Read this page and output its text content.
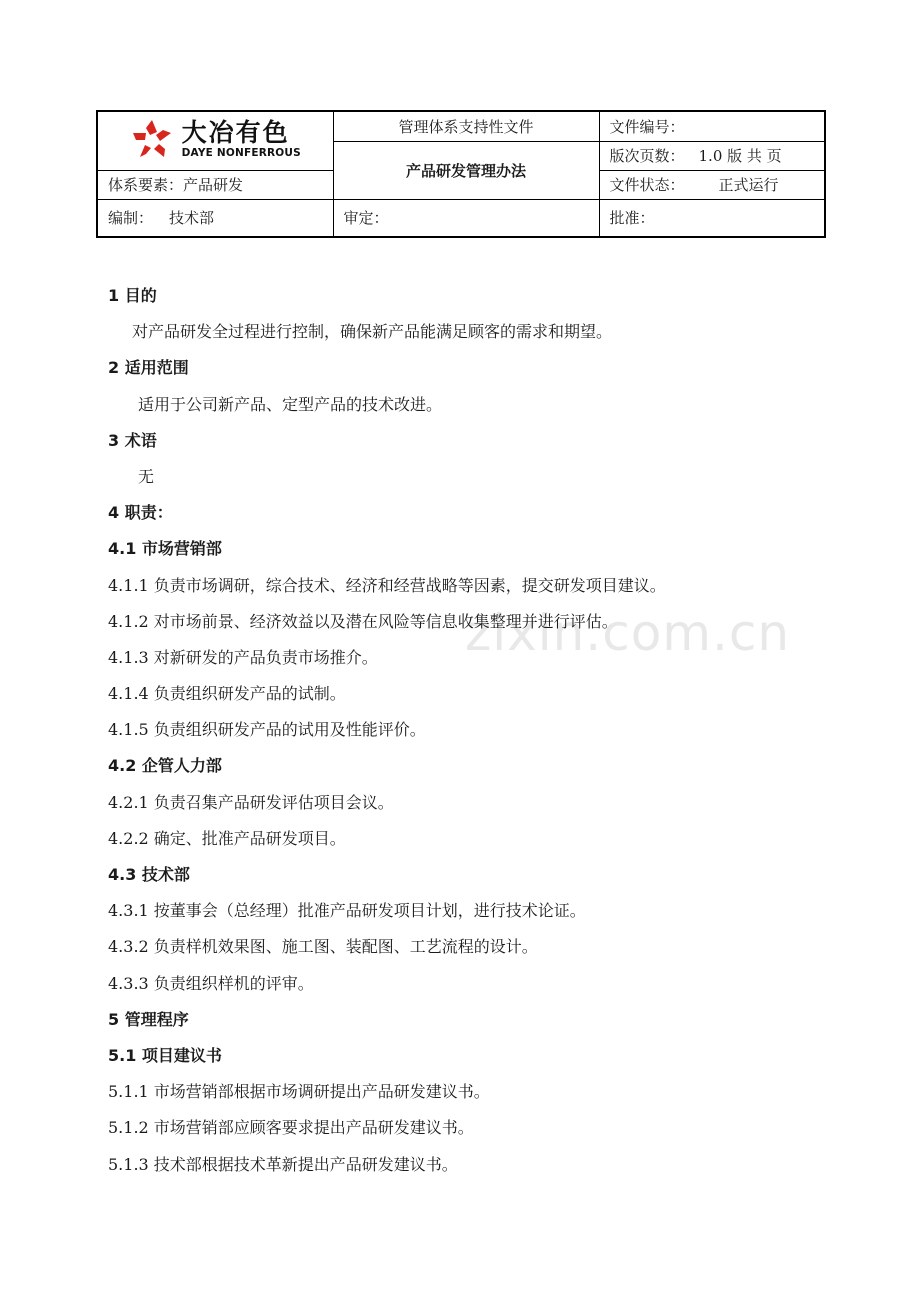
大冶有色
DAYE NONFERROUS	管理体系支持性文件	文件编号：
	产品研发管理办法	版次页数： 1.0 版 共 页
体系要素：产品研发		文件状态： 正式运行
编制： 技术部	审定：	批准：
zixin.com.cn
1 目的
对产品研发全过程进行控制，确保新产品能满足顾客的需求和期望。
2 适用范围
适用于公司新产品、定型产品的技术改进。
3 术语
无
4 职责：
4.1 市场营销部
4.1.1 负责市场调研，综合技术、经济和经营战略等因素，提交研发项目建议。
4.1.2 对市场前景、经济效益以及潜在风险等信息收集整理并进行评估。
4.1.3 对新研发的产品负责市场推介。
4.1.4 负责组织研发产品的试制。
4.1.5 负责组织研发产品的试用及性能评价。
4.2 企管人力部
4.2.1 负责召集产品研发评估项目会议。
4.2.2 确定、批准产品研发项目。
4.3 技术部
4.3.1 按董事会（总经理）批准产品研发项目计划，进行技术论证。
4.3.2 负责样机效果图、施工图、装配图、工艺流程的设计。
4.3.3 负责组织样机的评审。
5 管理程序
5.1 项目建议书
5.1.1 市场营销部根据市场调研提出产品研发建议书。
5.1.2 市场营销部应顾客要求提出产品研发建议书。
5.1.3 技术部根据技术革新提出产品研发建议书。
